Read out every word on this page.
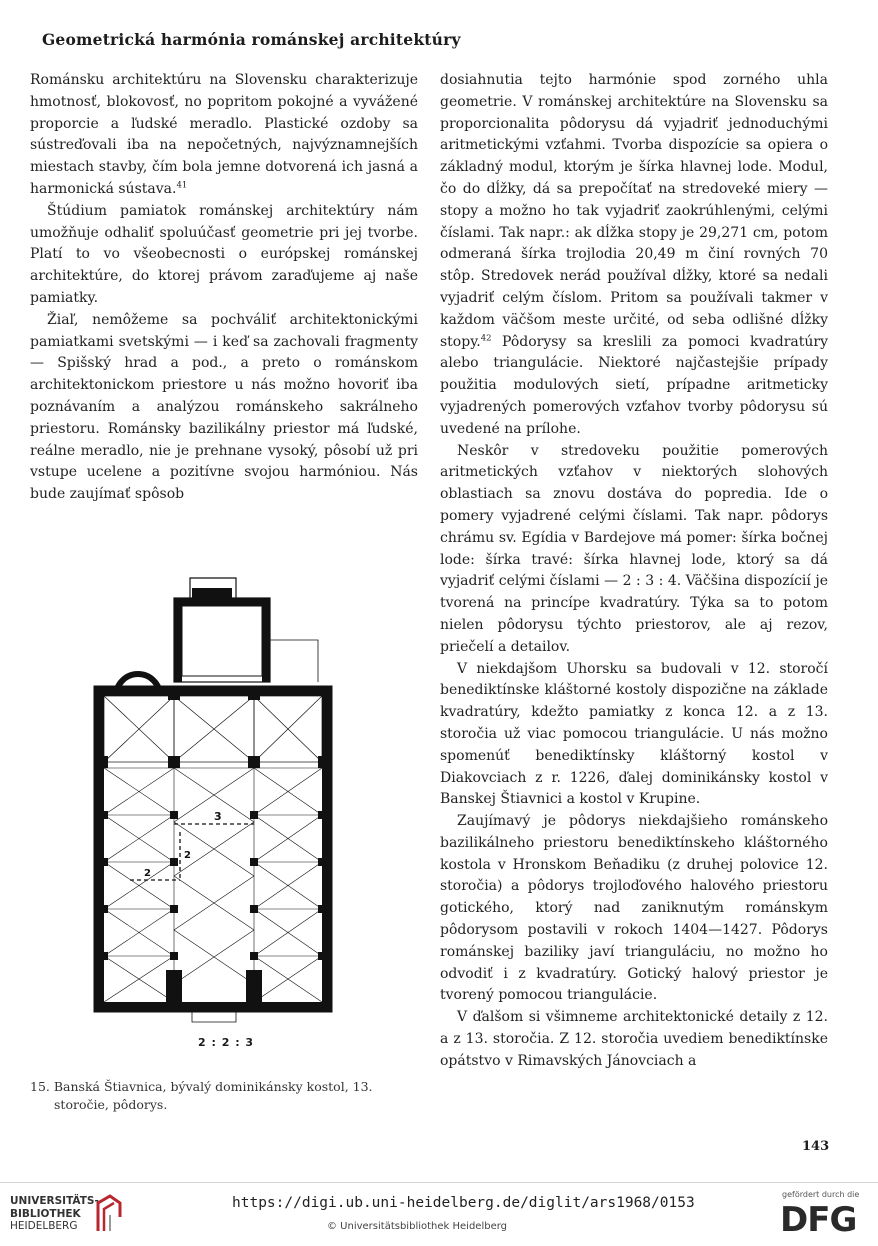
Geometrická harmónia románskej architektúry

Románsku architektúru na Slovensku charakterizuje hmotnosť, blokovosť, no popritom pokojné a vyvážené proporcie a ľudské meradlo. Plastické ozdoby sa sústreďovali iba na nepočetných, najvýznamnejších miestach stavby, čím bola jemne dotvorená ich jasná a harmonická sústava.$^{41}$

Štúdium pamiatok románskej architektúry nám umožňuje odhaliť spoluúčasť geometrie pri jej tvorbe. Platí to vo všeobecnosti o európskej románskej architektúre, do ktorej právom zaraďujeme aj naše pamiatky.

Žiaľ, nemôžeme sa pochváliť architektonickými pamiatkami svetskými — i keď sa zachovali fragmenty — Spišský hrad a pod., a preto o románskom architektonickom priestore u nás možno hovoriť iba poznávaním a analýzou románskeho sakrálneho priestoru. Románsky bazilikálny priestor má ľudské, reálne meradlo, nie je prehnane vysoký, pôsobí už pri vstupe ucelene a pozitívne svojou harmóniou. Nás bude zaujímať spôsob

dosiahnutia tejto harmónie spod zorného uhla geometrie. V románskej architektúre na Slovensku sa proporcionalita pôdorysu dá vyjadriť jednoduchými aritmetickými vzťahmi. Tvorba dispozície sa opiera o základný modul, ktorým je šírka hlavnej lode. Modul, čo do dĺžky, dá sa prepočítať na stredoveké miery — stopy a možno ho tak vyjadriť zaokrúhlenými, celými číslami. Tak napr.: ak dĺžka stopy je 29,271 cm, potom odmeraná šírka trojlodia 20,49 m činí rovných 70 stôp. Stredovek nerád používal dĺžky, ktoré sa nedali vyjadriť celým číslom. Pritom sa používali takmer v každom väčšom meste určité, od seba odlišné dĺžky stopy.$^{42}$ Pôdorysy sa kreslili za pomoci kvadratúry alebo triangulácie. Niektoré najčastejšie prípady použitia modulových sietí, prípadne aritmeticky vyjadrených pomerových vzťahov tvorby pôdorysu sú uvedené na prílohe.

Neskôr v stredoveku použitie pomerových aritmetických vzťahov v niektorých slohových oblastiach sa znovu dostáva do popredia. Ide o pomery vyjadrené celými číslami. Tak napr. pôdorys chrámu sv. Egídia v Bardejove má pomer: šírka bočnej lode: šírka travé: šírka hlavnej lode, ktorý sa dá vyjadriť celými číslami — 2 : 3 : 4. Väčšina dispozícií je tvorená na princípe kvadratúry. Týka sa to potom nielen pôdorysu týchto priestorov, ale aj rezov, priečelí a detailov.

V niekdajšom Uhorsku sa budovali v 12. storočí benediktínske kláštorné kostoly dispozične na základe kvadratúry, kdežto pamiatky z konca 12. a z 13. storočia už viac pomocou triangulácie. U nás možno spomenúť benediktínsky kláštorný kostol v Diakovciach z r. 1226, ďalej dominikánsky kostol v Banskej Štiavnici a kostol v Krupine.

Zaujímavý je pôdorys niekdajšieho románskeho bazilikálneho priestoru benediktínskeho kláštorného kostola v Hronskom Beňadiku (z druhej polovice 12. storočia) a pôdorys trojloďového halového priestoru gotického, ktorý nad zaniknutým románskym pôdorysom postavili v rokoch 1404—1427. Pôdorys románskej baziliky javí trianguláciu, no možno ho odvodiť i z kvadratúry. Gotický halový priestor je tvorený pomocou triangulácie.

V ďalšom si všimneme architektonické detaily z 12. a z 13. storočia. Z 12. storočia uvediem benediktínske opátstvo v Rimavských Jánovciach a

3
2
2
2 : 2 : 3
15. Banská Štiavnica, bývalý dominikánsky kostol, 13.
storočie, pôdorys.
143
UNIVERSITÄTS-
BIBLIOTHEK
HEIDELBERG
https://digi.ub.uni-heidelberg.de/diglit/ars1968/0153
© Universitätsbibliothek Heidelberg
gefördert durch die
DFG
